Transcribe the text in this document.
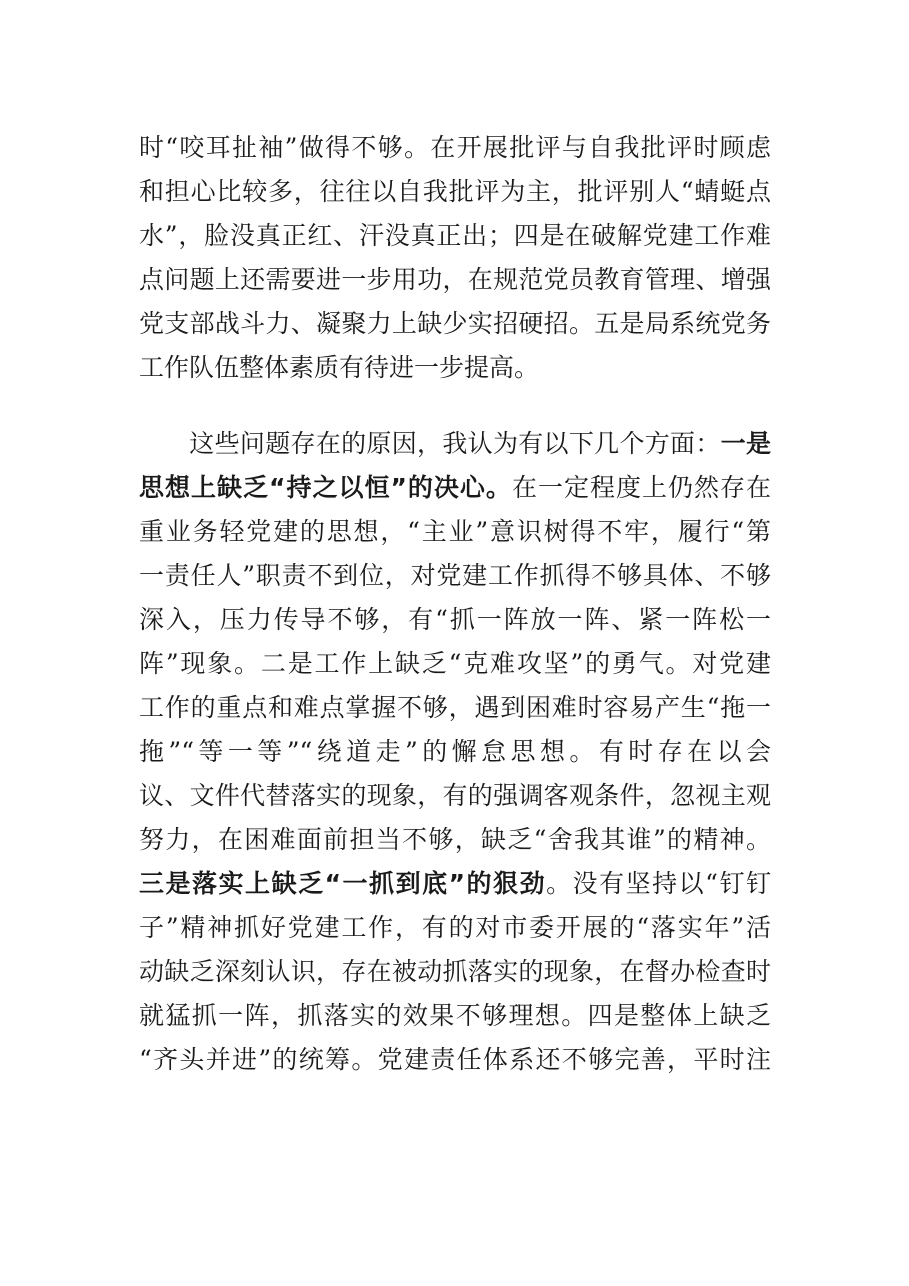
时“咬耳扯袖”做得不够。在开展批评与自我批评时顾虑
和担心比较多，往往以自我批评为主，批评别人“蜻蜓点
水”，脸没真正红、汗没真正出；四是在破解党建工作难
点问题上还需要进一步用功，在规范党员教育管理、增强
党支部战斗力、凝聚力上缺少实招硬招。五是局系统党务
工作队伍整体素质有待进一步提高。
这些问题存在的原因，我认为有以下几个方面：一是
思想上缺乏“持之以恒”的决心。在一定程度上仍然存在
重业务轻党建的思想，“主业”意识树得不牢，履行“第
一责任人”职责不到位，对党建工作抓得不够具体、不够
深入，压力传导不够，有“抓一阵放一阵、紧一阵松一
阵”现象。二是工作上缺乏“克难攻坚”的勇气。对党建
工作的重点和难点掌握不够，遇到困难时容易产生“拖一
拖”“等一等”“绕道走”的懈怠思想。有时存在以会
议、文件代替落实的现象，有的强调客观条件，忽视主观
努力，在困难面前担当不够，缺乏“舍我其谁”的精神。
三是落实上缺乏“一抓到底”的狠劲。没有坚持以“钉钉
子”精神抓好党建工作，有的对市委开展的“落实年”活
动缺乏深刻认识，存在被动抓落实的现象，在督办检查时
就猛抓一阵，抓落实的效果不够理想。四是整体上缺乏
“齐头并进”的统筹。党建责任体系还不够完善，平时注
